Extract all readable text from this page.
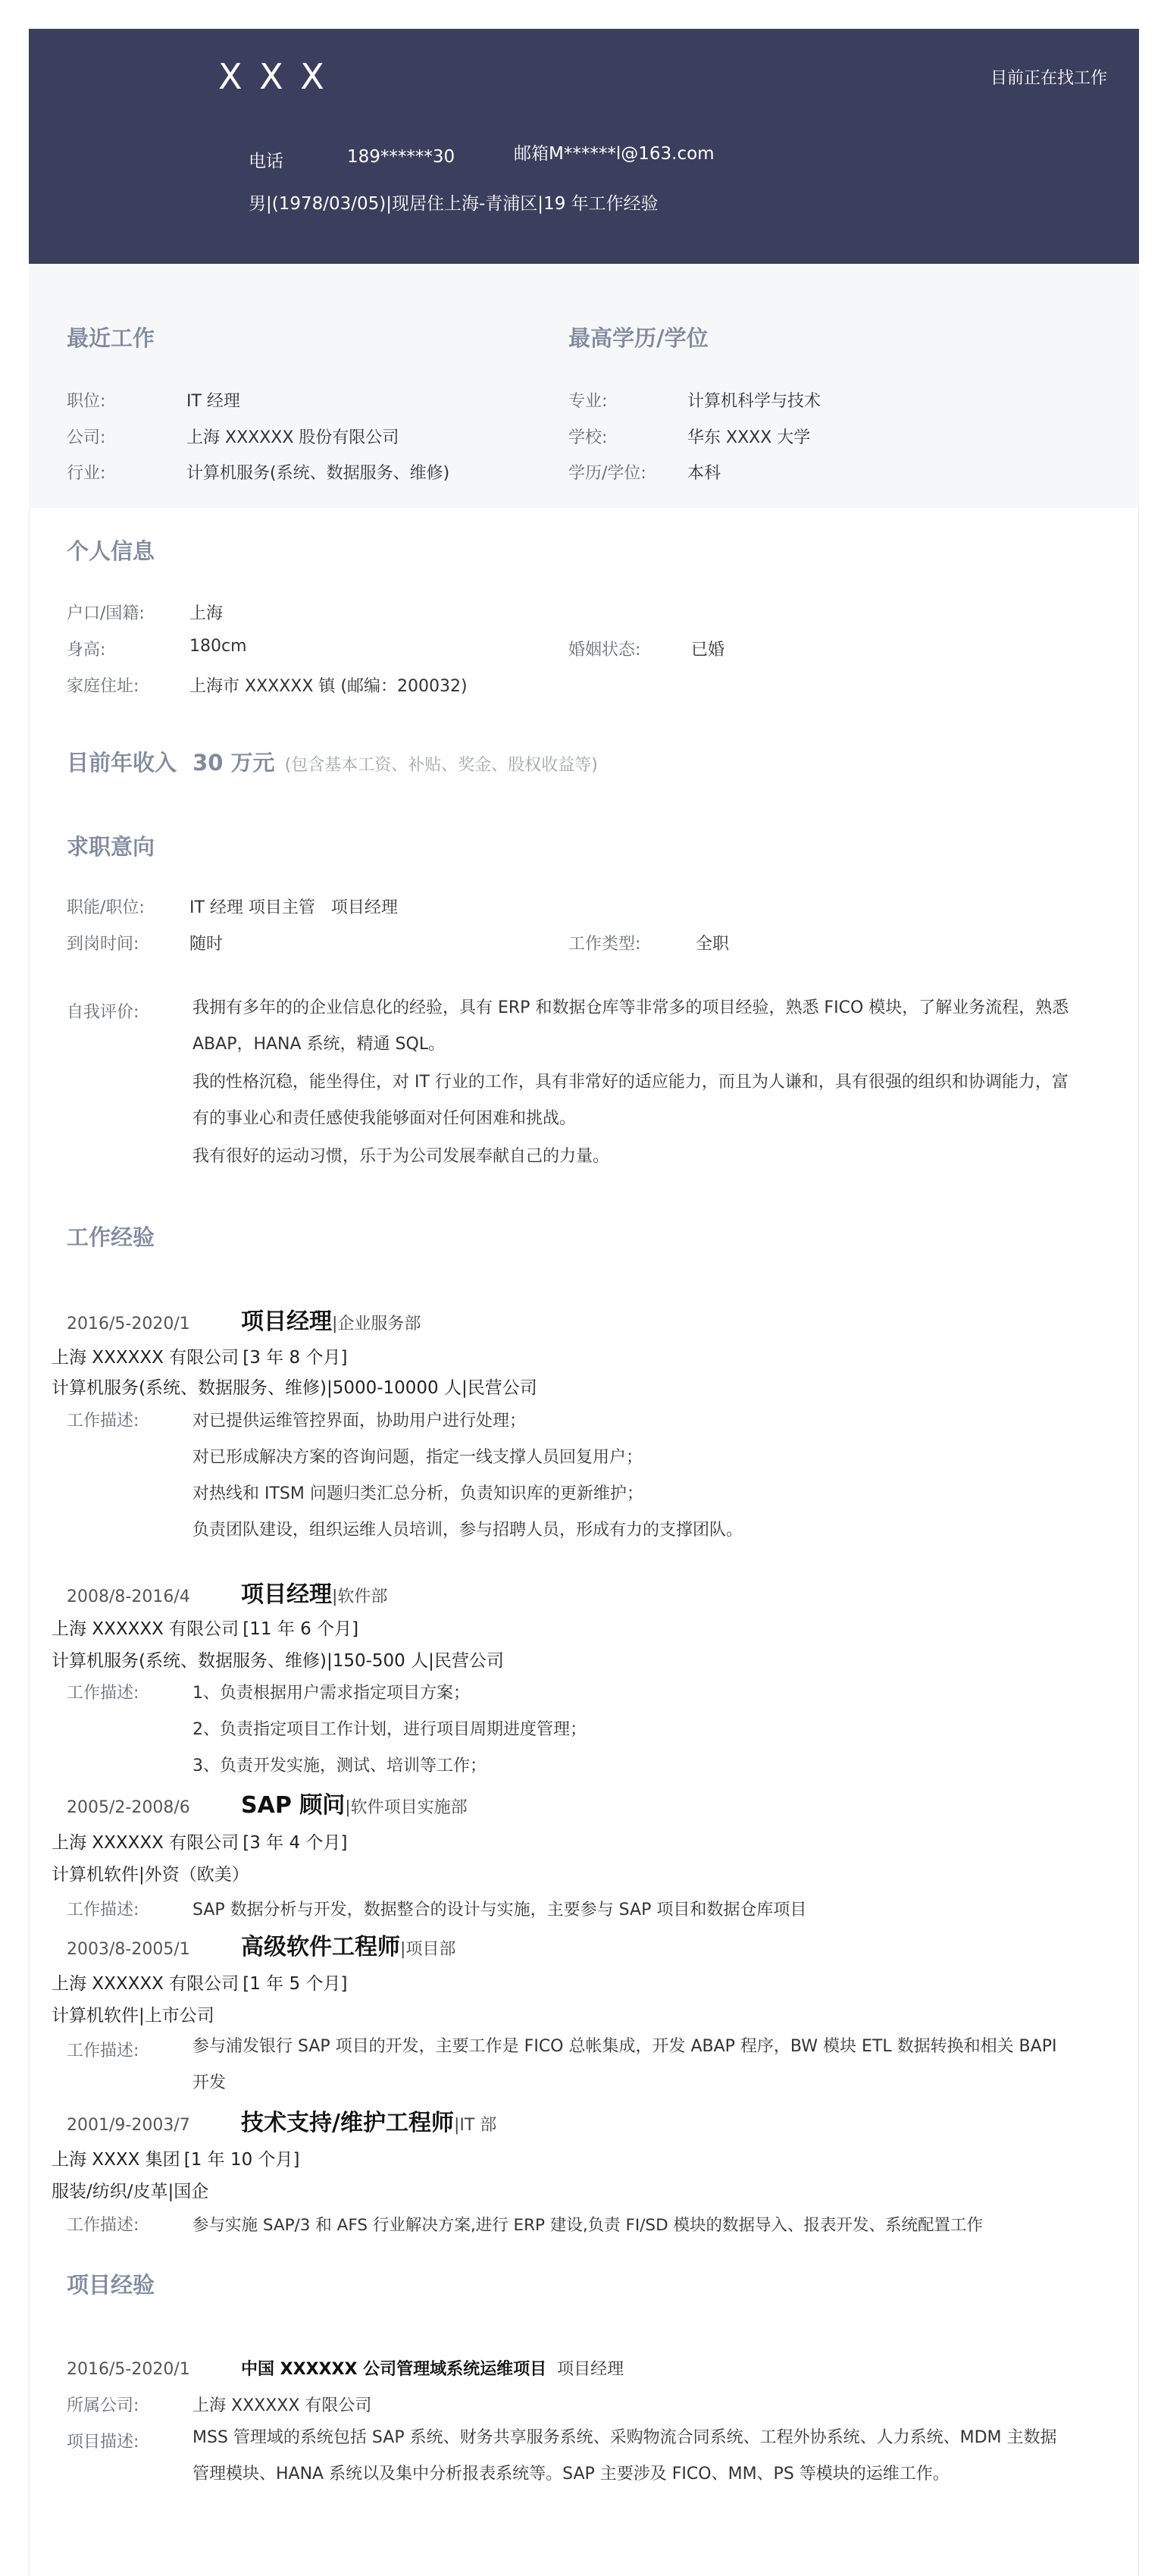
X X X	目前正在找工作
电话	189******30	邮箱M******l@163.com
男|(1978/03/05)|现居住上海-青浦区|19 年工作经验
最近工作
职位:	IT 经理
公司:	上海 XXXXXX 股份有限公司
行业:	计算机服务(系统、数据服务、维修)
最高学历/学位
专业:	计算机科学与技术
学校:	华东 XXXX 大学
学历/学位: 本科
个人信息
户口/国籍:	上海
身高:	180cm	婚姻状态:	已婚
家庭住址:	上海市 XXXXXX 镇 (邮编：200032)
目前年收入 30 万元 (包含基本工资、补贴、奖金、股权收益等)
求职意向
职能/职位:	IT 经理 项目主管   项目经理
到岗时间:	随时	工作类型:	全职
自我评价:	我拥有多年的的企业信息化的经验，具有 ERP 和数据仓库等非常多的项目经验，熟悉 FICO 模块，了解业务流程，熟悉 ABAP，HANA 系统，精通 SQL。
我的性格沉稳，能坐得住，对 IT 行业的工作，具有非常好的适应能力，而且为人谦和，具有很强的组织和协调能力，富有的事业心和责任感使我能够面对任何困难和挑战。
我有很好的运动习惯，乐于为公司发展奉献自己的力量。
工作经验
2016/5-2020/1 项目经理|企业服务部
上海 XXXXXX 有限公司 [3 年 8 个月]
计算机服务(系统、数据服务、维修)|5000-10000 人|民营公司
工作描述:	对已提供运维管控界面，协助用户进行处理；
对已形成解决方案的咨询问题，指定一线支撑人员回复用户；
对热线和 ITSM 问题归类汇总分析，负责知识库的更新维护；
负责团队建设，组织运维人员培训，参与招聘人员，形成有力的支撑团队。
2008/8-2016/4 项目经理|软件部
上海 XXXXXX 有限公司 [11 年 6 个月]
计算机服务(系统、数据服务、维修)|150-500 人|民营公司
工作描述:	1、负责根据用户需求指定项目方案；
2、负责指定项目工作计划，进行项目周期进度管理；
3、负责开发实施，测试、培训等工作；
2005/2-2008/6 SAP 顾问|软件项目实施部
上海 XXXXXX 有限公司 [3 年 4 个月]
计算机软件|外资（欧美）
工作描述:	SAP 数据分析与开发，数据整合的设计与实施，主要参与 SAP 项目和数据仓库项目
2003/8-2005/1 高级软件工程师|项目部
上海 XXXXXX 有限公司 [1 年 5 个月]
计算机软件|上市公司
工作描述:	参与浦发银行 SAP 项目的开发，主要工作是 FICO 总帐集成，开发 ABAP 程序，BW 模块 ETL 数据转换和相关 BAPI 开发
2001/9-2003/7 技术支持/维护工程师|IT 部
上海 XXXX 集团 [1 年 10 个月]
服装/纺织/皮革|国企
工作描述:	参与实施 SAP/3 和 AFS 行业解决方案,进行 ERP 建设,负责 FI/SD 模块的数据导入、报表开发、系统配置工作
项目经验
2016/5-2020/1	中国 XXXXXX 公司管理域系统运维项目 项目经理
所属公司:	上海 XXXXXX 有限公司
项目描述:	MSS 管理域的系统包括 SAP 系统、财务共享服务系统、采购物流合同系统、工程外协系统、人力系统、MDM 主数据管理模块、HANA 系统以及集中分析报表系统等。SAP 主要涉及 FICO、MM、PS 等模块的运维工作。
